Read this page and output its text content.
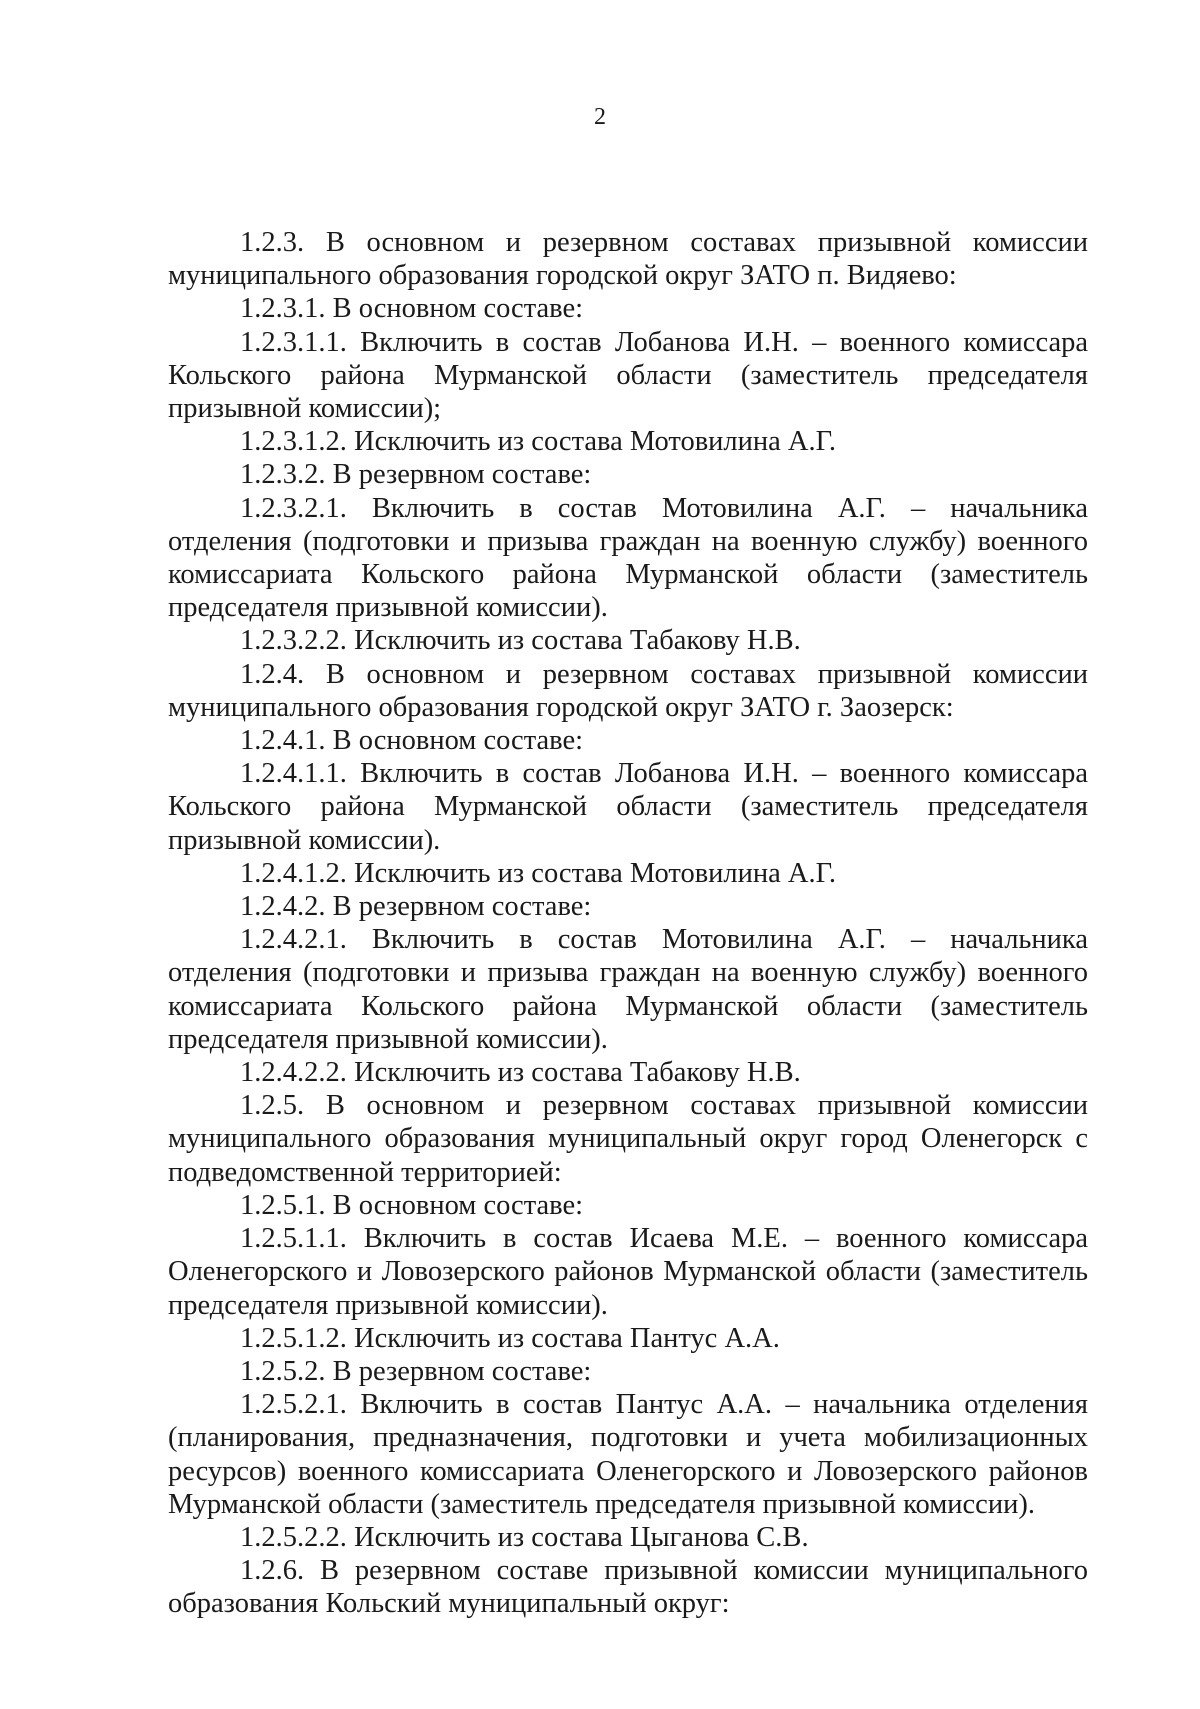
2

1.2.3. В основном и резервном составах призывной комиссии муниципального образования городской округ ЗАТО п. Видяево:

1.2.3.1. В основном составе:

1.2.3.1.1. Включить в состав Лобанова И.Н. – военного комиссара Кольского района Мурманской области (заместитель председателя призывной комиссии);

1.2.3.1.2. Исключить из состава Мотовилина А.Г.

1.2.3.2. В резервном составе:

1.2.3.2.1. Включить в состав Мотовилина А.Г. – начальника отделения (подготовки и призыва граждан на военную службу) военного комиссариата Кольского района Мурманской области (заместитель председателя призывной комиссии).

1.2.3.2.2. Исключить из состава Табакову Н.В.

1.2.4. В основном и резервном составах призывной комиссии муниципального образования городской округ ЗАТО г. Заозерск:

1.2.4.1. В основном составе:

1.2.4.1.1. Включить в состав Лобанова И.Н. – военного комиссара Кольского района Мурманской области (заместитель председателя призывной комиссии).

1.2.4.1.2. Исключить из состава Мотовилина А.Г.

1.2.4.2. В резервном составе:

1.2.4.2.1. Включить в состав Мотовилина А.Г. – начальника отделения (подготовки и призыва граждан на военную службу) военного комиссариата Кольского района Мурманской области (заместитель председателя призывной комиссии).

1.2.4.2.2. Исключить из состава Табакову Н.В.

1.2.5. В основном и резервном составах призывной комиссии муниципального образования муниципальный округ город Оленегорск с подведомственной территорией:

1.2.5.1. В основном составе:

1.2.5.1.1. Включить в состав Исаева М.Е. – военного комиссара Оленегорского и Ловозерского районов Мурманской области (заместитель председателя призывной комиссии).

1.2.5.1.2. Исключить из состава Пантус А.А.

1.2.5.2. В резервном составе:

1.2.5.2.1. Включить в состав Пантус А.А. – начальника отделения (планирования, предназначения, подготовки и учета мобилизационных ресурсов) военного комиссариата Оленегорского и Ловозерского районов Мурманской области (заместитель председателя призывной комиссии).

1.2.5.2.2. Исключить из состава Цыганова С.В.

1.2.6. В резервном составе призывной комиссии муниципального образования Кольский муниципальный округ:
